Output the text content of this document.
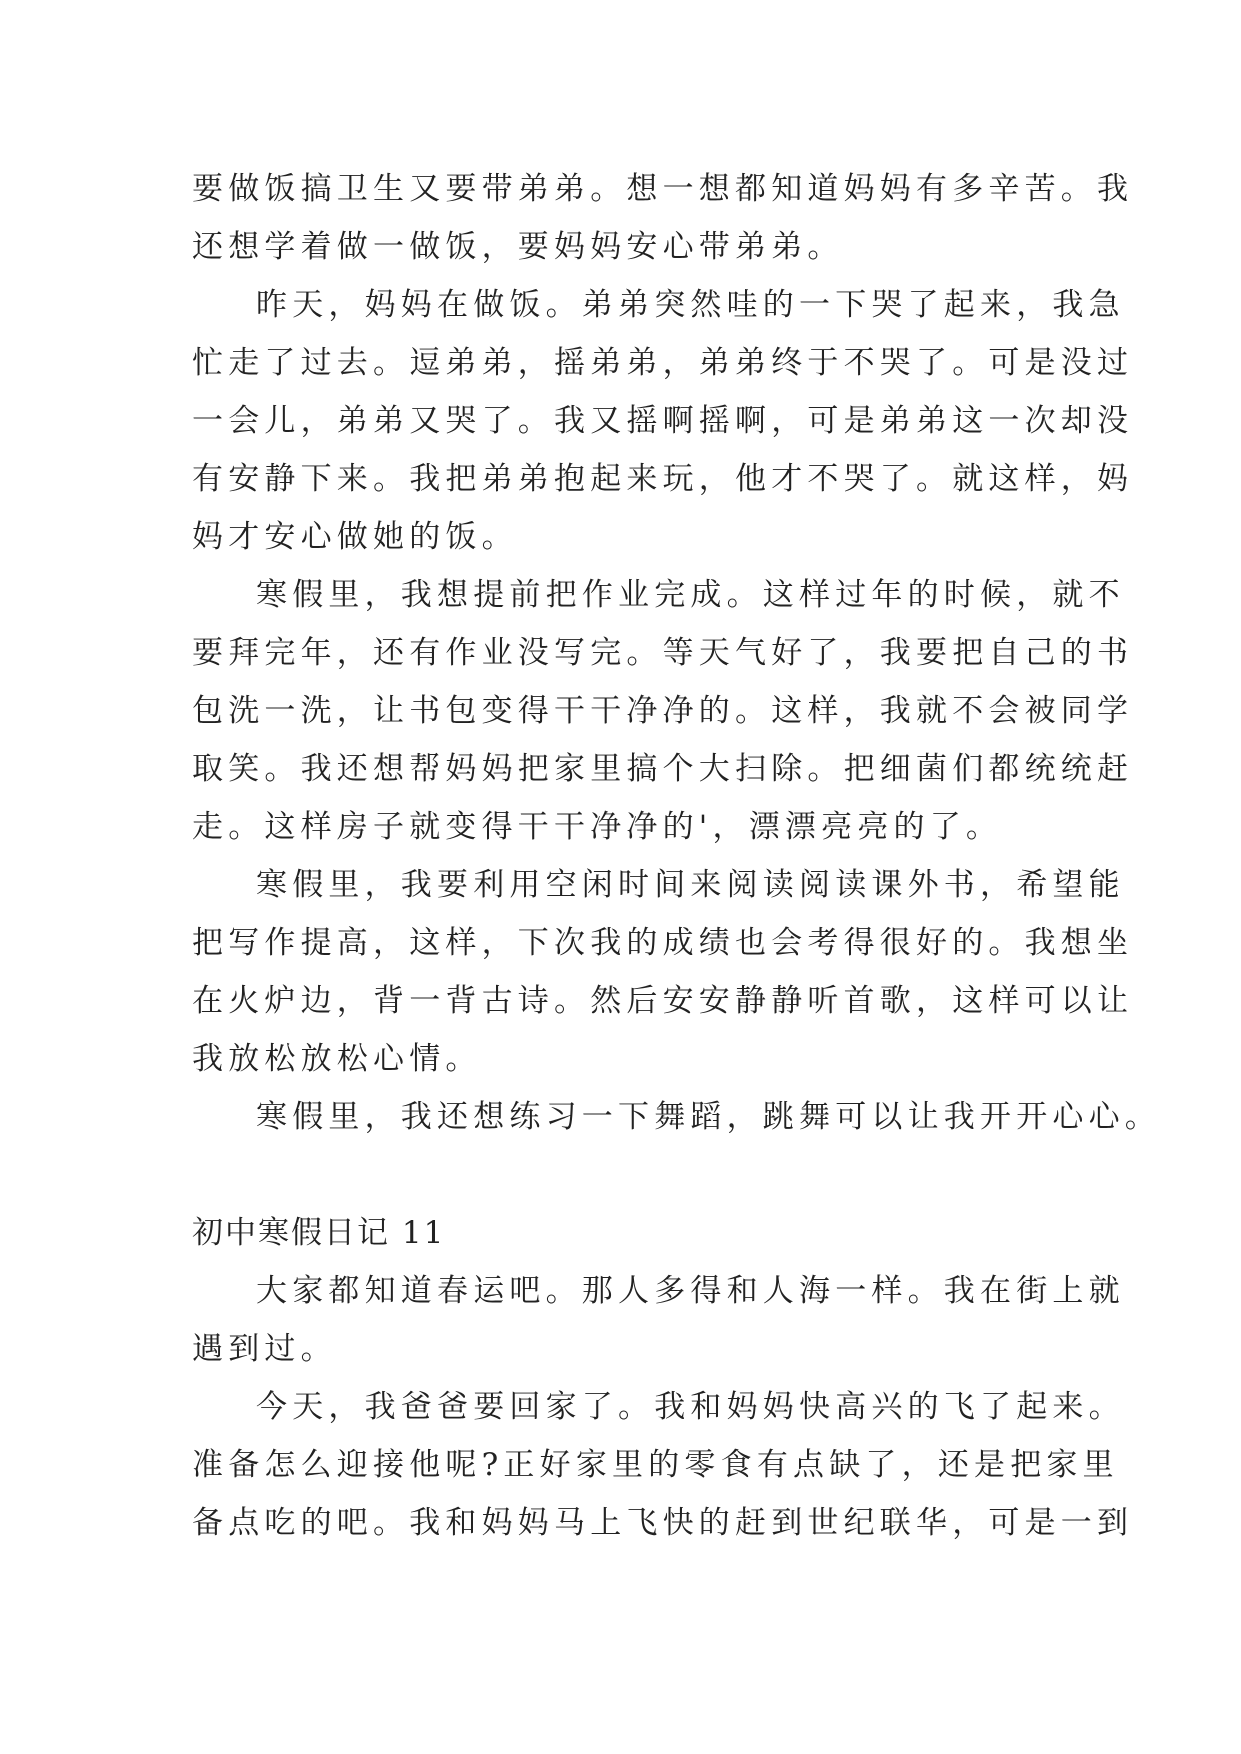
要做饭搞卫生又要带弟弟。想一想都知道妈妈有多辛苦。我

还想学着做一做饭，要妈妈安心带弟弟。

昨天，妈妈在做饭。弟弟突然哇的一下哭了起来，我急

忙走了过去。逗弟弟，摇弟弟，弟弟终于不哭了。可是没过

一会儿，弟弟又哭了。我又摇啊摇啊，可是弟弟这一次却没

有安静下来。我把弟弟抱起来玩，他才不哭了。就这样，妈

妈才安心做她的饭。

寒假里，我想提前把作业完成。这样过年的时候，就不

要拜完年，还有作业没写完。等天气好了，我要把自己的书

包洗一洗，让书包变得干干净净的。这样，我就不会被同学

取笑。我还想帮妈妈把家里搞个大扫除。把细菌们都统统赶

走。这样房子就变得干干净净的'，漂漂亮亮的了。

寒假里，我要利用空闲时间来阅读阅读课外书，希望能

把写作提高，这样，下次我的成绩也会考得很好的。我想坐

在火炉边，背一背古诗。然后安安静静听首歌，这样可以让

我放松放松心情。

寒假里，我还想练习一下舞蹈，跳舞可以让我开开心心。

初中寒假日记 11

大家都知道春运吧。那人多得和人海一样。我在街上就

遇到过。

今天，我爸爸要回家了。我和妈妈快高兴的飞了起来。

准备怎么迎接他呢?正好家里的零食有点缺了，还是把家里

备点吃的吧。我和妈妈马上飞快的赶到世纪联华，可是一到
